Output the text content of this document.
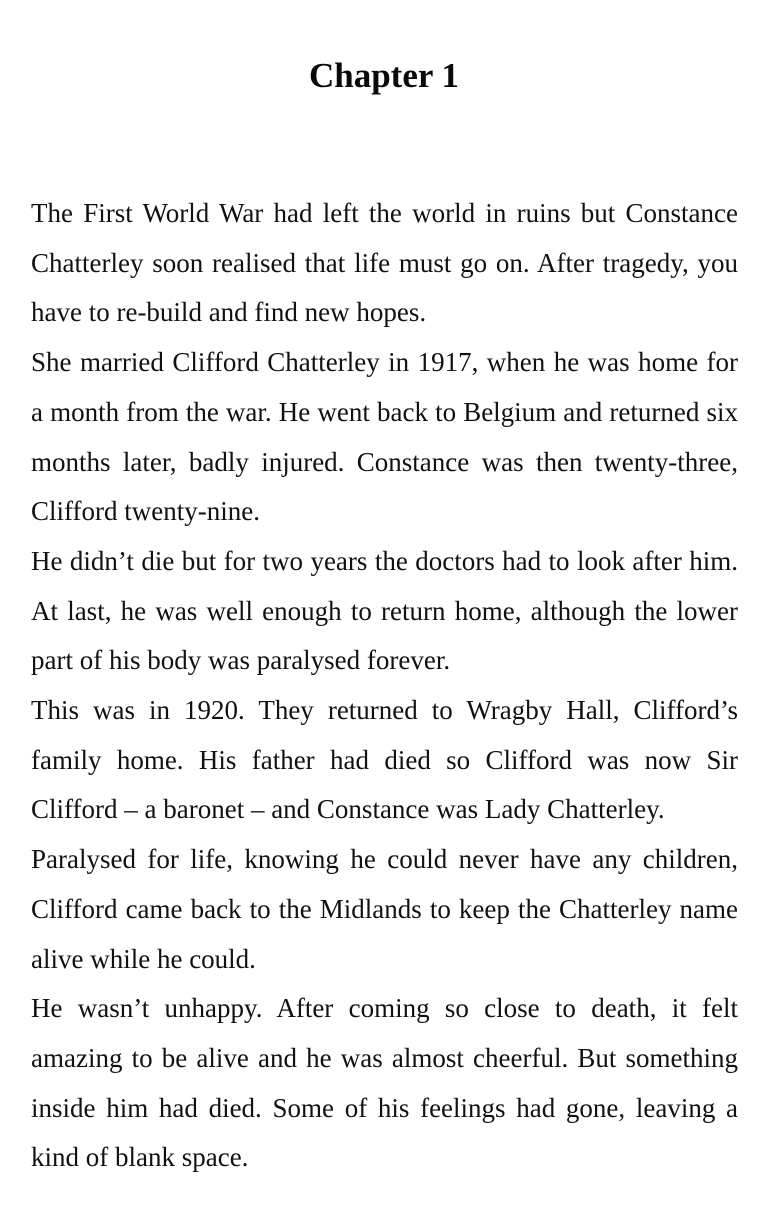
Chapter 1

The First World War had left the world in ruins but Constance Chatterley soon realised that life must go on. After tragedy, you have to re-build and find new hopes.

She married Clifford Chatterley in 1917, when he was home for a month from the war. He went back to Belgium and returned six months later, badly injured. Constance was then twenty-three, Clifford twenty-nine.

He didn’t die but for two years the doctors had to look after him. At last, he was well enough to return home, although the lower part of his body was paralysed forever.

This was in 1920. They returned to Wragby Hall, Clifford’s family home. His father had died so Clifford was now Sir Clifford – a baronet – and Constance was Lady Chatterley.

Paralysed for life, knowing he could never have any children, Clifford came back to the Midlands to keep the Chatterley name alive while he could.

He wasn’t unhappy. After coming so close to death, it felt amazing to be alive and he was almost cheerful. But something inside him had died. Some of his feelings had gone, leaving a kind of blank space.
